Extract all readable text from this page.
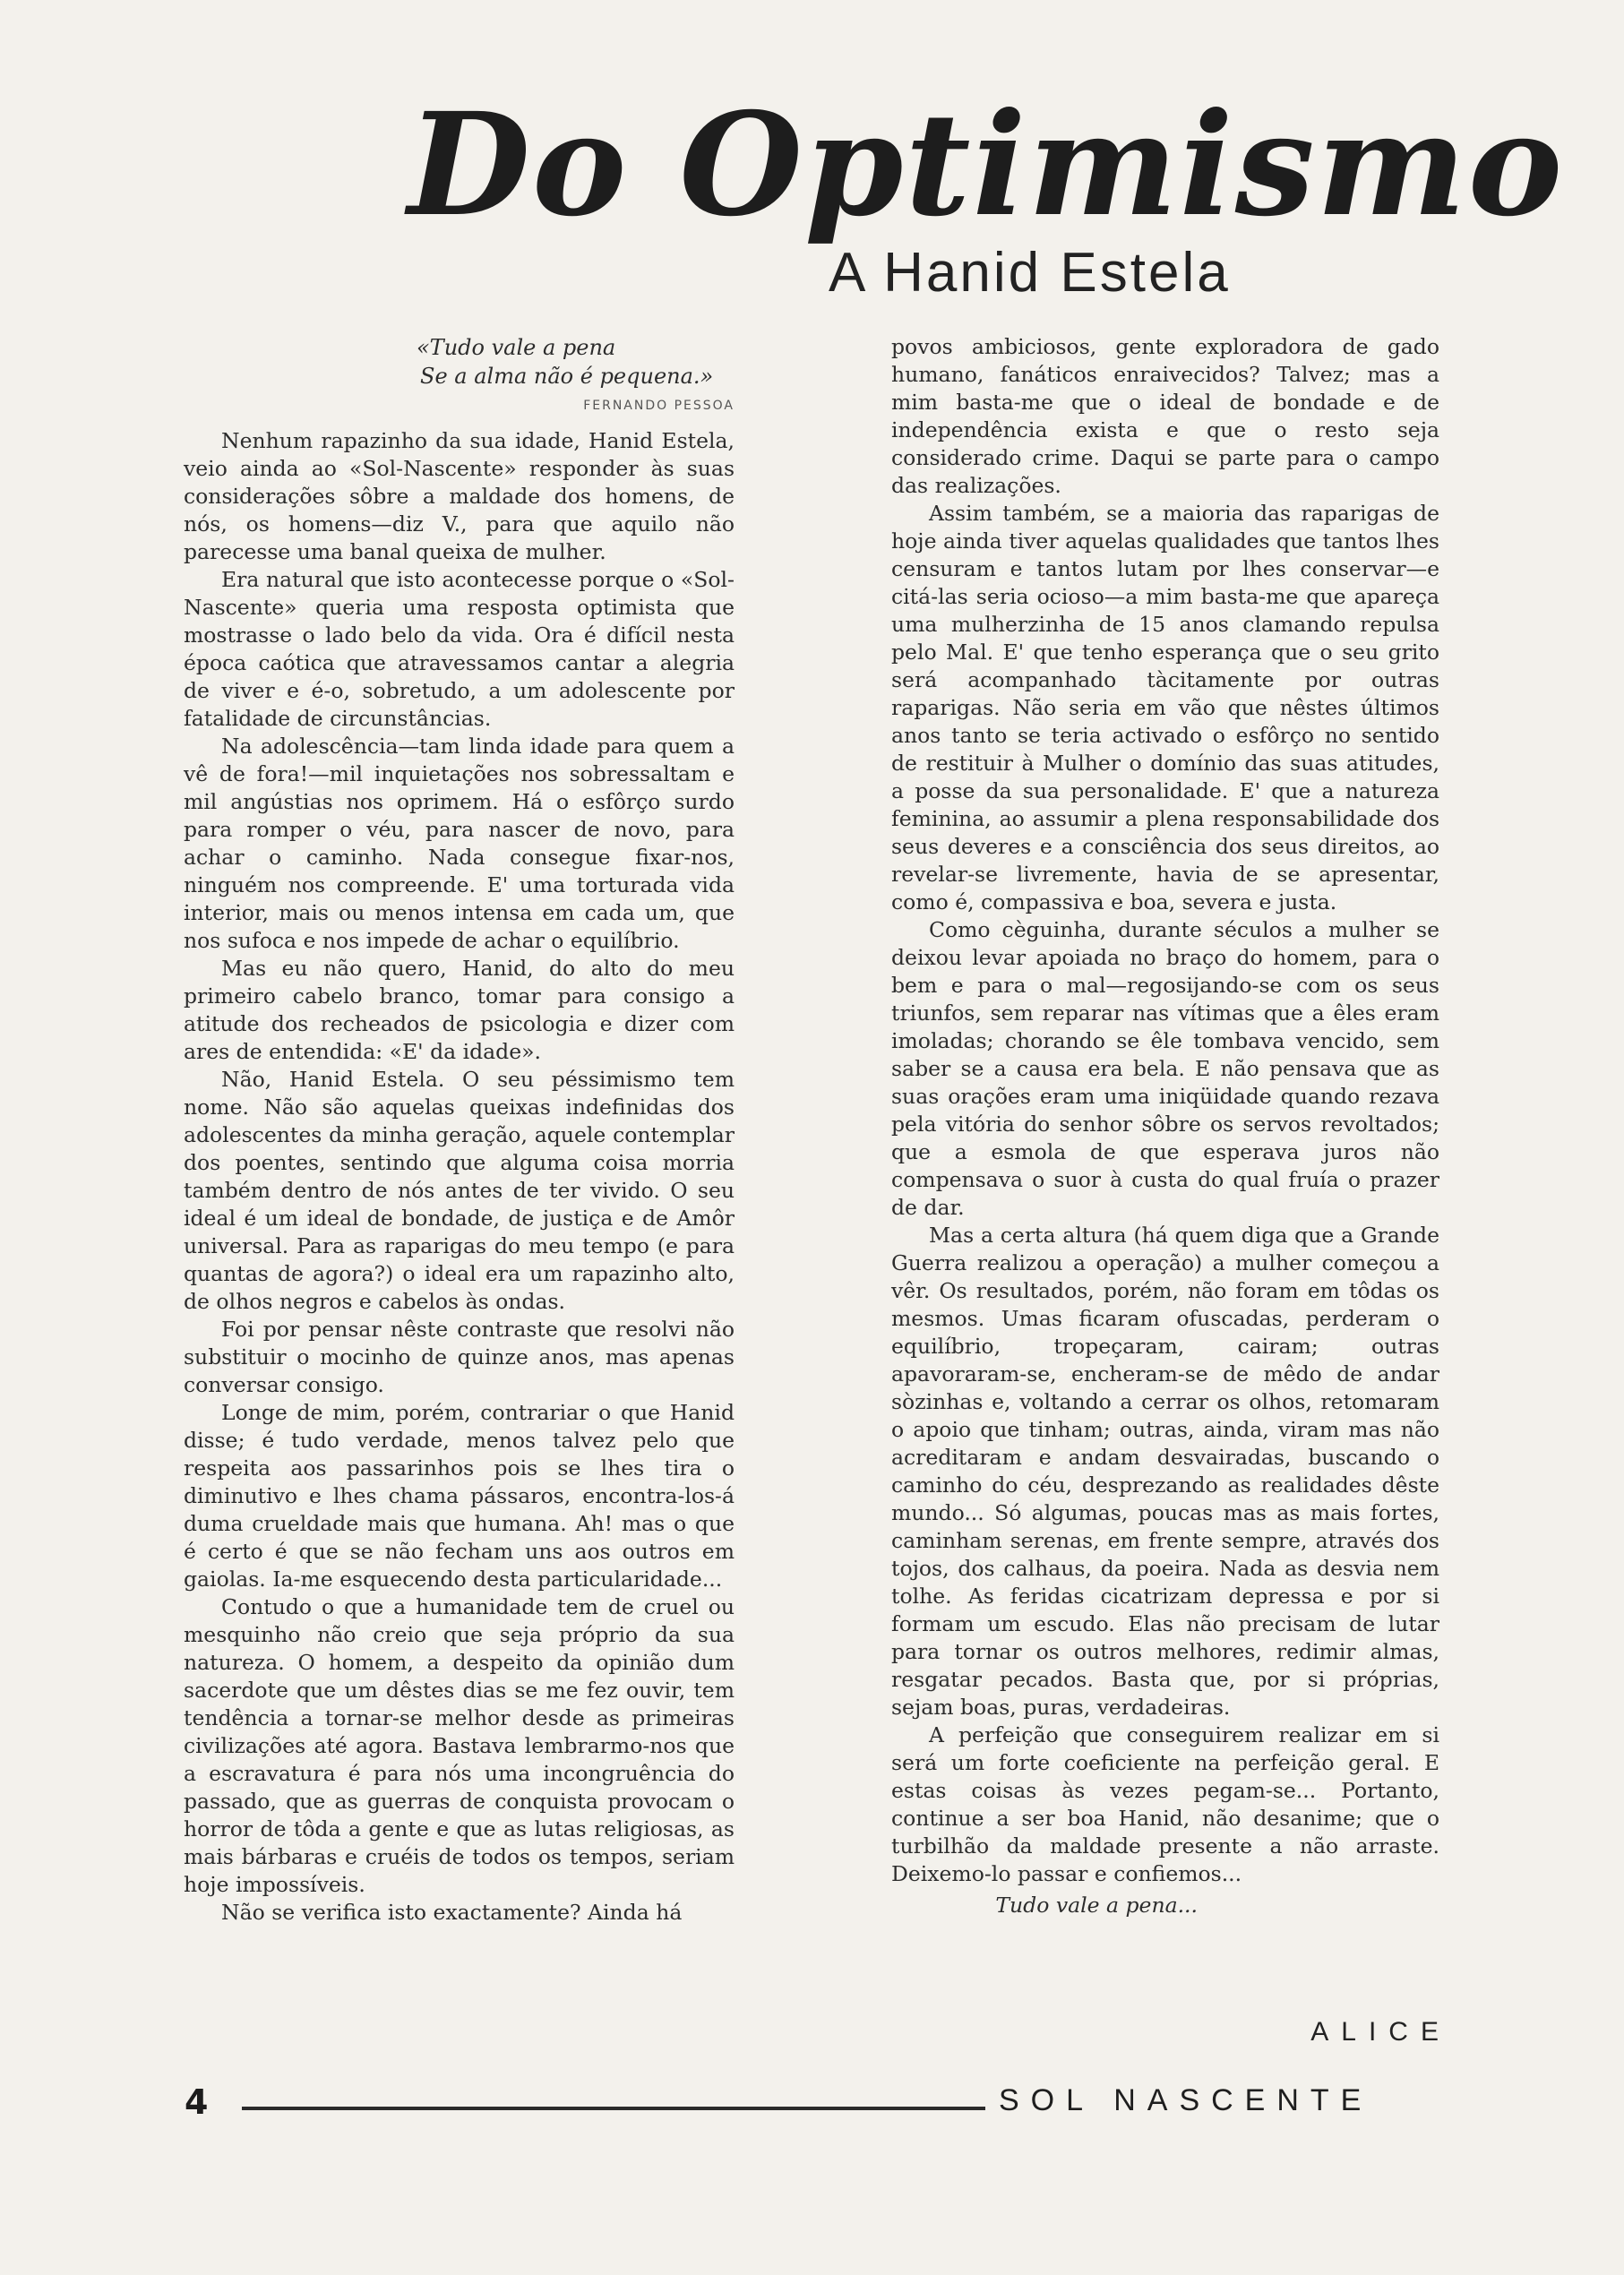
Do Optimismo
A Hanid Estela
«Tudo vale a pena
Se a alma não é pequena.»
FERNANDO PESSOA

Nenhum rapazinho da sua idade, Hanid Estela, veio ainda ao «Sol-Nascente» responder às suas considerações sôbre a maldade dos homens, de nós, os homens—diz V., para que aquilo não parecesse uma banal queixa de mulher.

Era natural que isto acontecesse porque o «Sol-Nascente» queria uma resposta optimista que mostrasse o lado belo da vida. Ora é difícil nesta época caótica que atravessamos cantar a alegria de viver e é-o, sobretudo, a um adolescente por fatalidade de circunstâncias.

Na adolescência—tam linda idade para quem a vê de fora!—mil inquietações nos sobressaltam e mil angústias nos oprimem. Há o esfôrço surdo para romper o véu, para nascer de novo, para achar o caminho. Nada consegue fixar-nos, ninguém nos compreende. E' uma torturada vida interior, mais ou menos intensa em cada um, que nos sufoca e nos impede de achar o equilíbrio.

Mas eu não quero, Hanid, do alto do meu primeiro cabelo branco, tomar para consigo a atitude dos recheados de psicologia e dizer com ares de entendida: «E' da idade».

Não, Hanid Estela. O seu péssimismo tem nome. Não são aquelas queixas indefinidas dos adolescentes da minha geração, aquele contemplar dos poentes, sentindo que alguma coisa morria também dentro de nós antes de ter vivido. O seu ideal é um ideal de bondade, de justiça e de Amôr universal. Para as raparigas do meu tempo (e para quantas de agora?) o ideal era um rapazinho alto, de olhos negros e cabelos às ondas.

Foi por pensar nêste contraste que resolvi não substituir o mocinho de quinze anos, mas apenas conversar consigo.

Longe de mim, porém, contrariar o que Hanid disse; é tudo verdade, menos talvez pelo que respeita aos passarinhos pois se lhes tira o diminutivo e lhes chama pássaros, encontra-los-á duma crueldade mais que humana. Ah! mas o que é certo é que se não fecham uns aos outros em gaiolas. Ia-me esquecendo desta particularidade...

Contudo o que a humanidade tem de cruel ou mesquinho não creio que seja próprio da sua natureza. O homem, a despeito da opinião dum sacerdote que um dêstes dias se me fez ouvir, tem tendência a tornar-se melhor desde as primeiras civilizações até agora. Bastava lembrarmo-nos que a escravatura é para nós uma incongruência do passado, que as guerras de conquista provocam o horror de tôda a gente e que as lutas religiosas, as mais bárbaras e cruéis de todos os tempos, seriam hoje impossíveis.

Não se verifica isto exactamente? Ainda há

povos ambiciosos, gente exploradora de gado humano, fanáticos enraivecidos? Talvez; mas a mim basta-me que o ideal de bondade e de independência exista e que o resto seja considerado crime. Daqui se parte para o campo das realizações.

Assim também, se a maioria das raparigas de hoje ainda tiver aquelas qualidades que tantos lhes censuram e tantos lutam por lhes conservar—e citá-las seria ocioso—a mim basta-me que apareça uma mulherzinha de 15 anos clamando repulsa pelo Mal. E' que tenho esperança que o seu grito será acompanhado tàcitamente por outras raparigas. Não seria em vão que nêstes últimos anos tanto se teria activado o esfôrço no sentido de restituir à Mulher o domínio das suas atitudes, a posse da sua personalidade. E' que a natureza feminina, ao assumir a plena responsabilidade dos seus deveres e a consciência dos seus direitos, ao revelar-se livremente, havia de se apresentar, como é, compassiva e boa, severa e justa.

Como cèguinha, durante séculos a mulher se deixou levar apoiada no braço do homem, para o bem e para o mal—regosijando-se com os seus triunfos, sem reparar nas vítimas que a êles eram imoladas; chorando se êle tombava vencido, sem saber se a causa era bela. E não pensava que as suas orações eram uma iniqüidade quando rezava pela vitória do senhor sôbre os servos revoltados; que a esmola de que esperava juros não compensava o suor à custa do qual fruía o prazer de dar.

Mas a certa altura (há quem diga que a Grande Guerra realizou a operação) a mulher começou a vêr. Os resultados, porém, não foram em tôdas os mesmos. Umas ficaram ofuscadas, perderam o equilíbrio, tropeçaram, cairam; outras apavoraram-se, encheram-se de mêdo de andar sòzinhas e, voltando a cerrar os olhos, retomaram o apoio que tinham; outras, ainda, viram mas não acreditaram e andam desvairadas, buscando o caminho do céu, desprezando as realidades dêste mundo... Só algumas, poucas mas as mais fortes, caminham serenas, em frente sempre, através dos tojos, dos calhaus, da poeira. Nada as desvia nem tolhe. As feridas cicatrizam depressa e por si formam um escudo. Elas não precisam de lutar para tornar os outros melhores, redimir almas, resgatar pecados. Basta que, por si próprias, sejam boas, puras, verdadeiras.

A perfeição que conseguirem realizar em si será um forte coeficiente na perfeição geral. E estas coisas às vezes pegam-se... Portanto, continue a ser boa Hanid, não desanime; que o turbilhão da maldade presente a não arraste. Deixemo-lo passar e confiemos...

Tudo vale a pena...
ALICE
4	SOL NASCENTE
